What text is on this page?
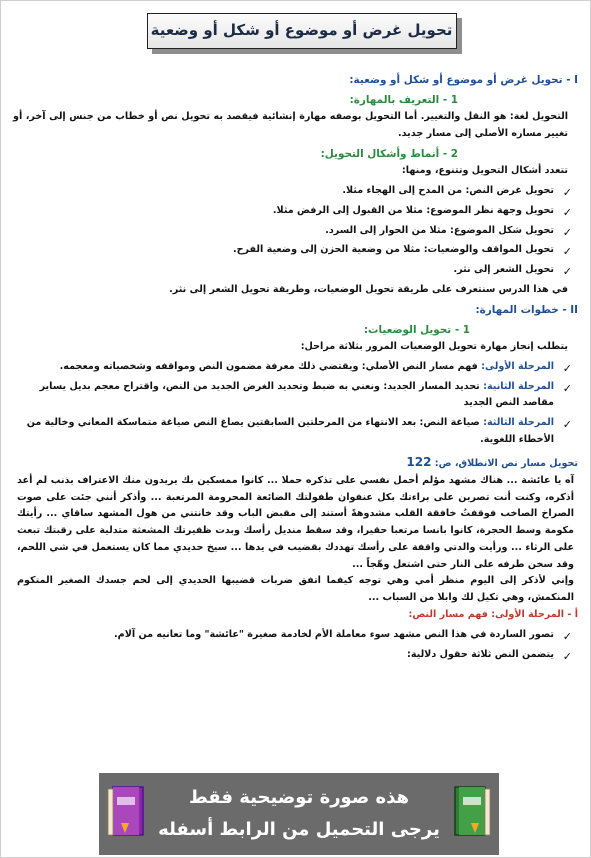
تحويل غرض أو موضوع أو شكل أو وضعية
I - تحويل غرض أو موضوع أو شكل أو وضعية:
1 - التعريف بالمهارة:
التحويل لغة: هو النقل والتغيير. أما التحويل بوصفه مهارة إنشائية فيقصد به تحويل نص أو خطاب من جنس إلى آخر، أو تغيير مساره الأصلي إلى مسار جديد.
2 - أنماط وأشكال التحويل:
تتعدد أشكال التحويل وتتنوع، ومنها:
✓
تحويل غرض النص: من المدح إلى الهجاء مثلا.
✓
تحويل وجهة نظر الموضوع: مثلا من القبول إلى الرفض مثلا.
✓
تحويل شكل الموضوع: مثلا من الحوار إلى السرد.
✓
تحويل المواقف والوضعيات: مثلا من وضعية الحزن إلى وضعية الفرح.
✓
تحويل الشعر إلى نثر.
في هذا الدرس سنتعرف على طريقة تحويل الوضعيات، وطريقة تحويل الشعر إلى نثر.
II - خطوات المهارة:
1 - تحويل الوضعيات:
يتطلب إنجاز مهارة تحويل الوضعيات المرور بثلاثة مراحل:
✓
المرحلة الأولى: فهم مسار النص الأصلي: ويقتضي ذلك معرفة مضمون النص ومواقفه وشخصياته ومعجمه.
✓
المرحلة الثانية: تحديد المسار الجديد: ونعني به ضبط وتحديد الغرض الجديد من النص، واقتراح معجم بديل يساير مقاصد النص الجديد
✓
المرحلة الثالثة: صياغة النص: بعد الانتهاء من المرحلتين السابقتين يصاغ النص صياغة متماسكة المعاني وخالية من الأخطاء اللغوية.
تحويل مسار نص الانطلاق، ص: 122
آه يا عائشة ... هناك مشهد مؤلم أحمل نفسي على تذكره حملا ... كانوا ممسكين بك يريدون منك الاعتراف بذنب لم أعد أذكره، وكنت أنت تصرين على براءتك بكل عنفوان طفولتك الضائعة المحرومة المرتعبة ... وأذكر أنني جئت على صوت الصراخ الصاخب فوقفتُ خافقة القلب مشدوهةً أستند إلى مقبض الباب وقد خانتني من هول المشهد ساقاي ... رأيتك مكومة وسط الحجرة، كانوا بانسا مرتعبا حقيرا، وقد سقط منديل رأسك وبدت ظفيرتك المشعثة متدلية على رقبتك تبعث على الرثاء ... ورأيت والدتي واقفة على رأسك تهددك بقضيب في يدها ... سيخ حديدي مما كان يستعمل في شي اللحم، وقد سخن طرفه على النار حتى اشتعل وهّجاً ...
وإني لأذكر إلى اليوم منظر أمي وهي توجه كيفما اتفق ضربات قضيبها الحديدي إلى لحم جسدك الصغير المتكوم المنكمش، وهي تكيل لك وابلا من السباب ...
أ - المرحلة الأولى: فهم مسار النص:
✓
تصور الساردة في هذا النص مشهد سوء معاملة الأم لخادمة صغيرة "عائشة" وما تعانيه من آلام.
✓
يتضمن النص ثلاثة حقول دلالية:
هذه صورة توضيحية فقط
يرجى التحميل من الرابط أسفله
